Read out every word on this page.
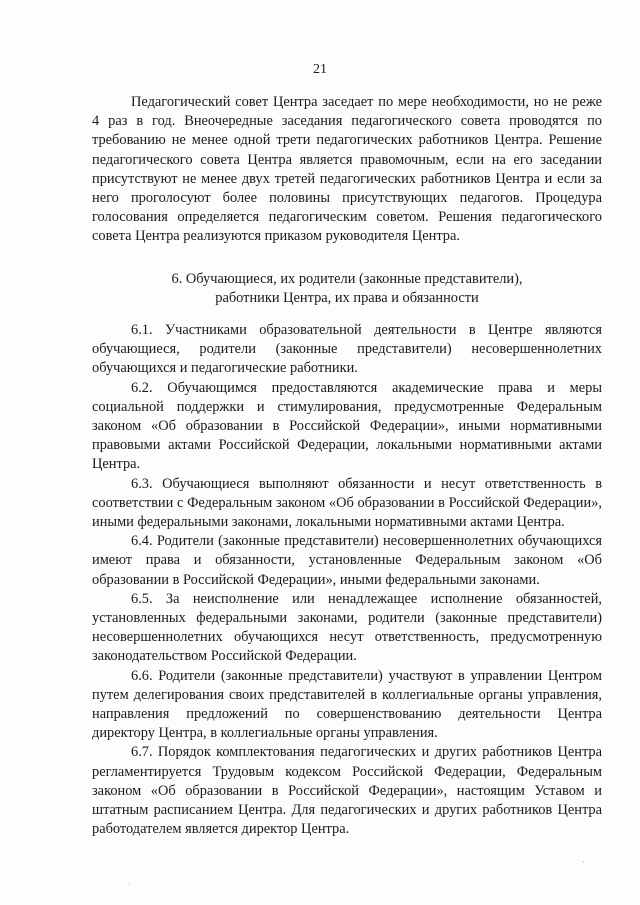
21

Педагогический совет Центра заседает по мере необходимости, но не реже 4 раз в год. Внеочередные заседания педагогического совета проводятся по требованию не менее одной трети педагогических работников Центра. Решение педагогического совета Центра является правомочным, если на его заседании присутствуют не менее двух третей педагогических работников Центра и если за него проголосуют более половины присутствующих педагогов. Процедура голосования определяется педагогическим советом. Решения педагогического совета Центра реализуются приказом руководителя Центра.

6. Обучающиеся, их родители (законные представители),
работники Центра, их права и обязанности

6.1. Участниками образовательной деятельности в Центре являются обучающиеся, родители (законные представители) несовершеннолетних обучающихся и педагогические работники.

6.2. Обучающимся предоставляются академические права и меры социальной поддержки и стимулирования, предусмотренные Федеральным законом «Об образовании в Российской Федерации», иными нормативными правовыми актами Российской Федерации, локальными нормативными актами Центра.

6.3. Обучающиеся выполняют обязанности и несут ответственность в соответствии с Федеральным законом «Об образовании в Российской Федерации», иными федеральными законами, локальными нормативными актами Центра.

6.4. Родители (законные представители) несовершеннолетних обучающихся имеют права и обязанности, установленные Федеральным законом «Об образовании в Российской Федерации», иными федеральными законами.

6.5. За неисполнение или ненадлежащее исполнение обязанностей, установленных федеральными законами, родители (законные представители) несовершеннолетних обучающихся несут ответственность, предусмотренную законодательством Российской Федерации.

6.6. Родители (законные представители) участвуют в управлении Центром путем делегирования своих представителей в коллегиальные органы управления, направления предложений по совершенствованию деятельности Центра директору Центра, в коллегиальные органы управления.

6.7. Порядок комплектования педагогических и других работников Центра регламентируется Трудовым кодексом Российской Федерации, Федеральным законом «Об образовании в Российской Федерации», настоящим Уставом и штатным расписанием Центра. Для педагогических и других работников Центра работодателем является директор Центра.

·
·
